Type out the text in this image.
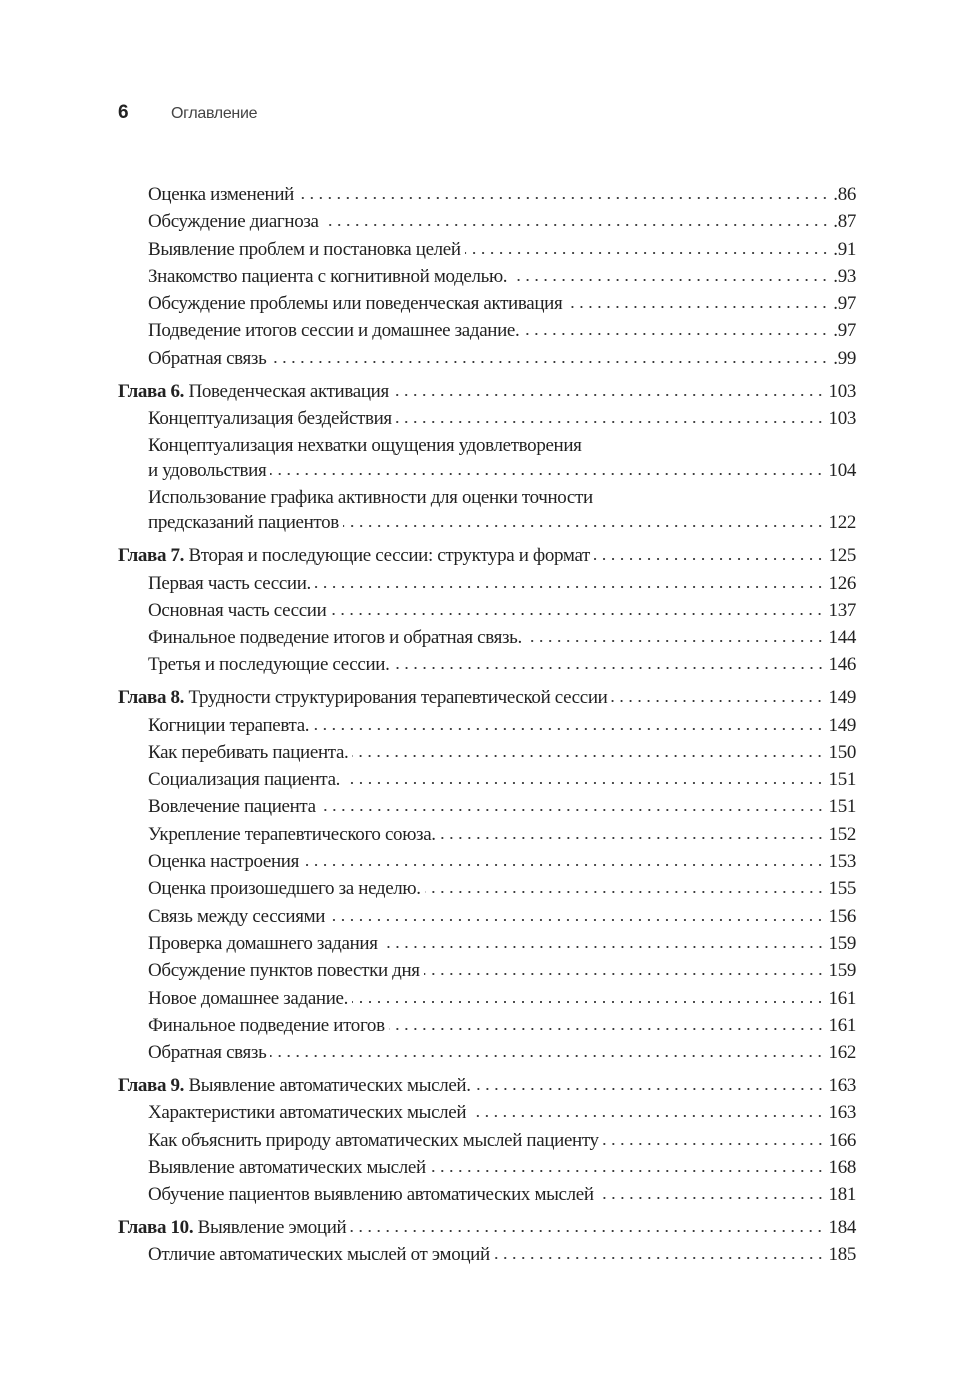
6	Оглавление
Оценка изменений	.86
Обсуждение диагноза	.87
Выявление проблем и постановка целей	.91
Знакомство пациента с когнитивной моделью.	.93
Обсуждение проблемы или поведенческая активация	.97
Подведение итогов сессии и домашнее задание.	.97
Обратная связь	.99
Глава 6. Поведенческая активация	103
Концептуализация бездействия	103
Концептуализация нехватки ощущения удовлетворения
и удовольствия	104
Использование графика активности для оценки точности
предсказаний пациентов	122
Глава 7. Вторая и последующие сессии: структура и формат	125
Первая часть сессии.	126
Основная часть сессии	137
Финальное подведение итогов и обратная связь.	144
Третья и последующие сессии.	146
Глава 8. Трудности структурирования терапевтической сессии	149
Когниции терапевта.	149
Как перебивать пациента.	150
Социализация пациента.	151
Вовлечение пациента	151
Укрепление терапевтического союза.	152
Оценка настроения	153
Оценка произошедшего за неделю.	155
Связь между сессиями	156
Проверка домашнего задания	159
Обсуждение пунктов повестки дня	159
Новое домашнее задание.	161
Финальное подведение итогов	161
Обратная связь	162
Глава 9. Выявление автоматических мыслей.	163
Характеристики автоматических мыслей	163
Как объяснить природу автоматических мыслей пациенту	166
Выявление автоматических мыслей	168
Обучение пациентов выявлению автоматических мыслей	181
Глава 10. Выявление эмоций	184
Отличие автоматических мыслей от эмоций	185
